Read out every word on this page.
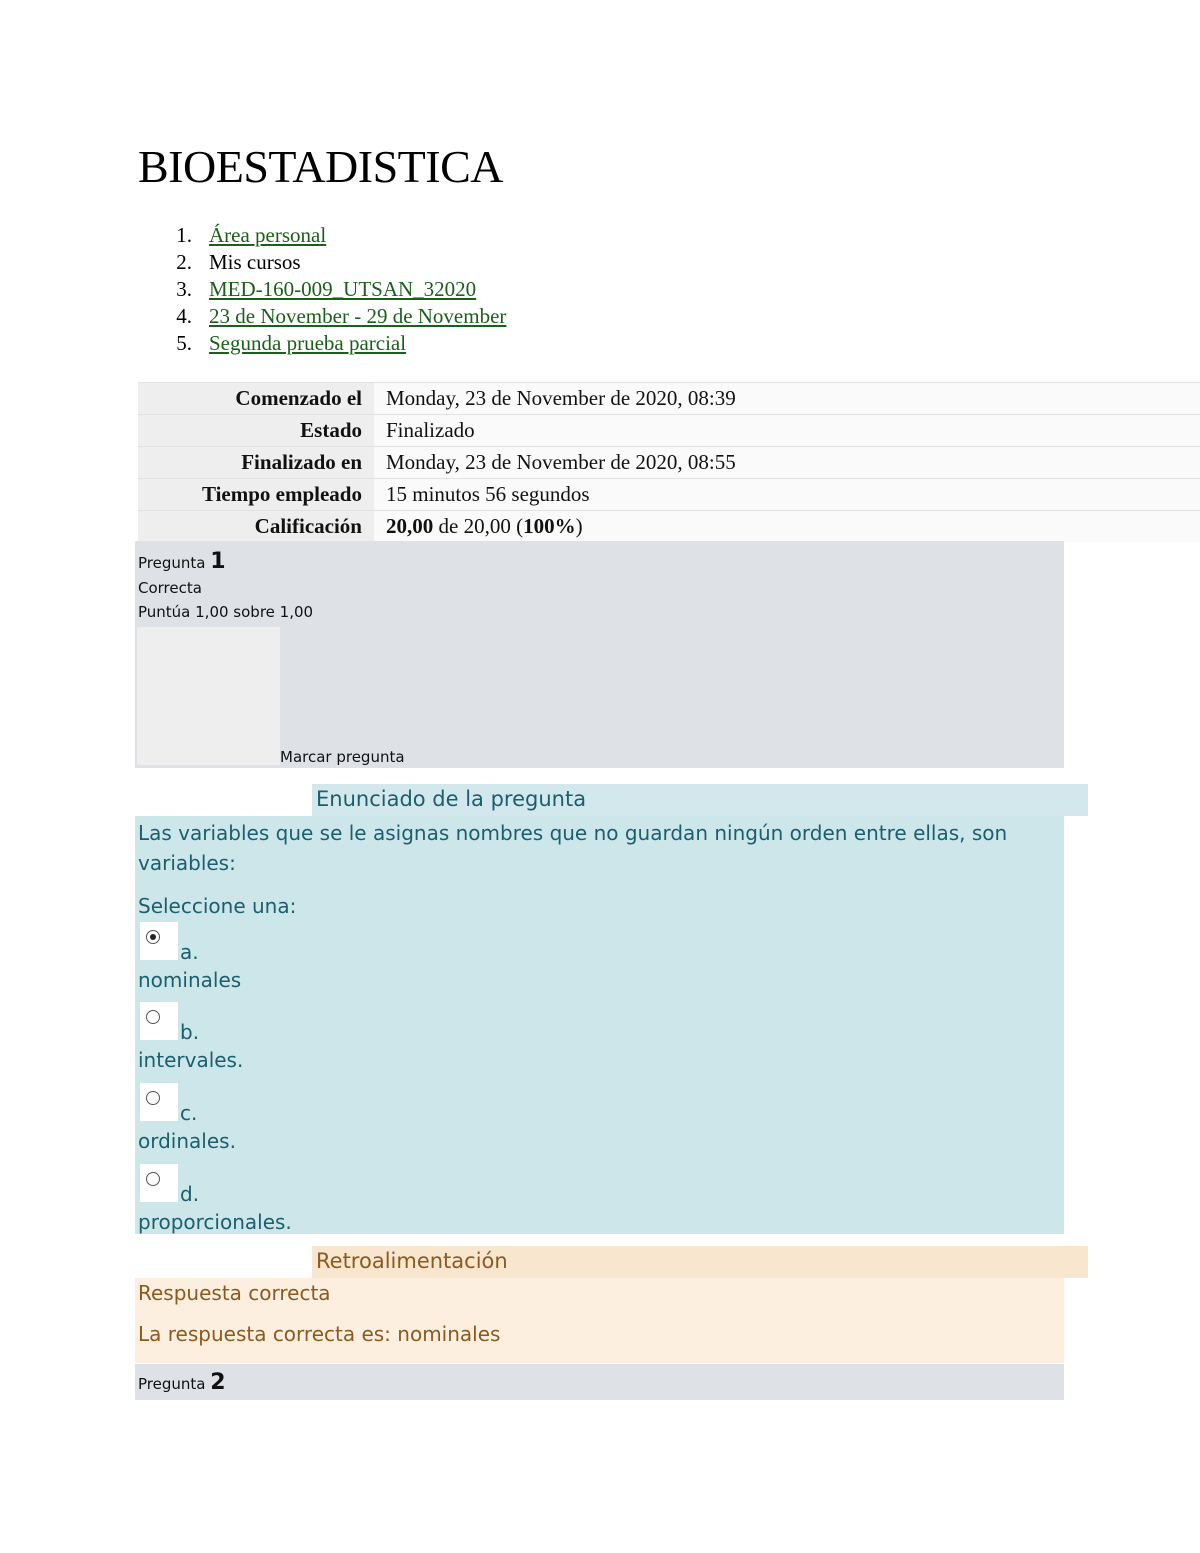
BIOESTADISTICA
1. Área personal
2. Mis cursos
3. MED-160-009_UTSAN_32020
4. 23 de November - 29 de November
5. Segunda prueba parcial
Comenzado el	Monday, 23 de November de 2020, 08:39
Estado	Finalizado
Finalizado en	Monday, 23 de November de 2020, 08:55
Tiempo empleado	15 minutos 56 segundos
Calificación	20,00 de 20,00 (100%)
Pregunta 1
Correcta
Puntúa 1,00 sobre 1,00
Marcar pregunta
Enunciado de la pregunta
Las variables que se le asignas nombres que no guardan ningún orden entre ellas, son variables:
Seleccione una:
a.
nominales
b.
intervales.
c.
ordinales.
d.
proporcionales.
Retroalimentación
Respuesta correcta
La respuesta correcta es: nominales
Pregunta 2
